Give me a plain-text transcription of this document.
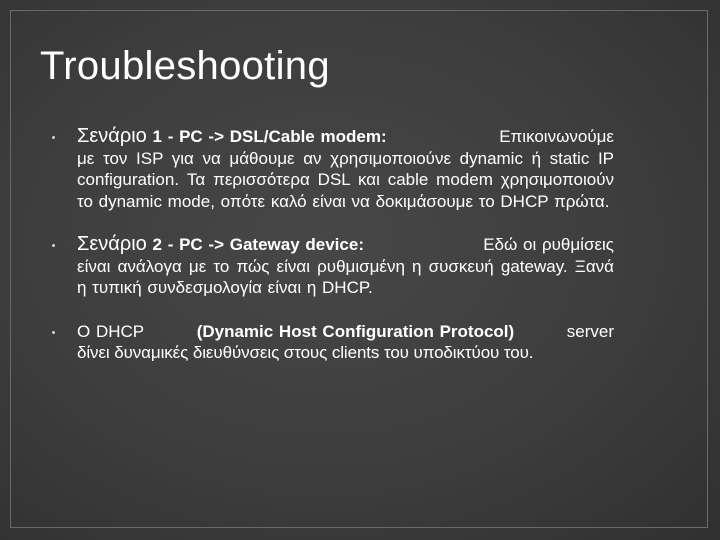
Troubleshooting
Σενάριο 1 - PC -> DSL/Cable modem:	Επικοινωνούμε
με τον ISP για να μάθουμε αν χρησιμοποιούνε dynamic ή static IP configuration. Τα περισσότερα DSL και cable modem χρησιμοποιούν το dynamic mode, οπότε καλό είναι να δοκιμάσουμε το DHCP πρώτα.
Σενάριο 2 - PC -> Gateway device:	Εδώ οι ρυθμίσεις
είναι ανάλογα με το πώς είναι ρυθμισμένη η συσκευή gateway. Ξανά η τυπική συνδεσμολογία είναι η DHCP.
Ο DHCP	(Dynamic Host Configuration Protocol)	server
δίνει δυναμικές διευθύνσεις στους clients του υποδικτύου του.
